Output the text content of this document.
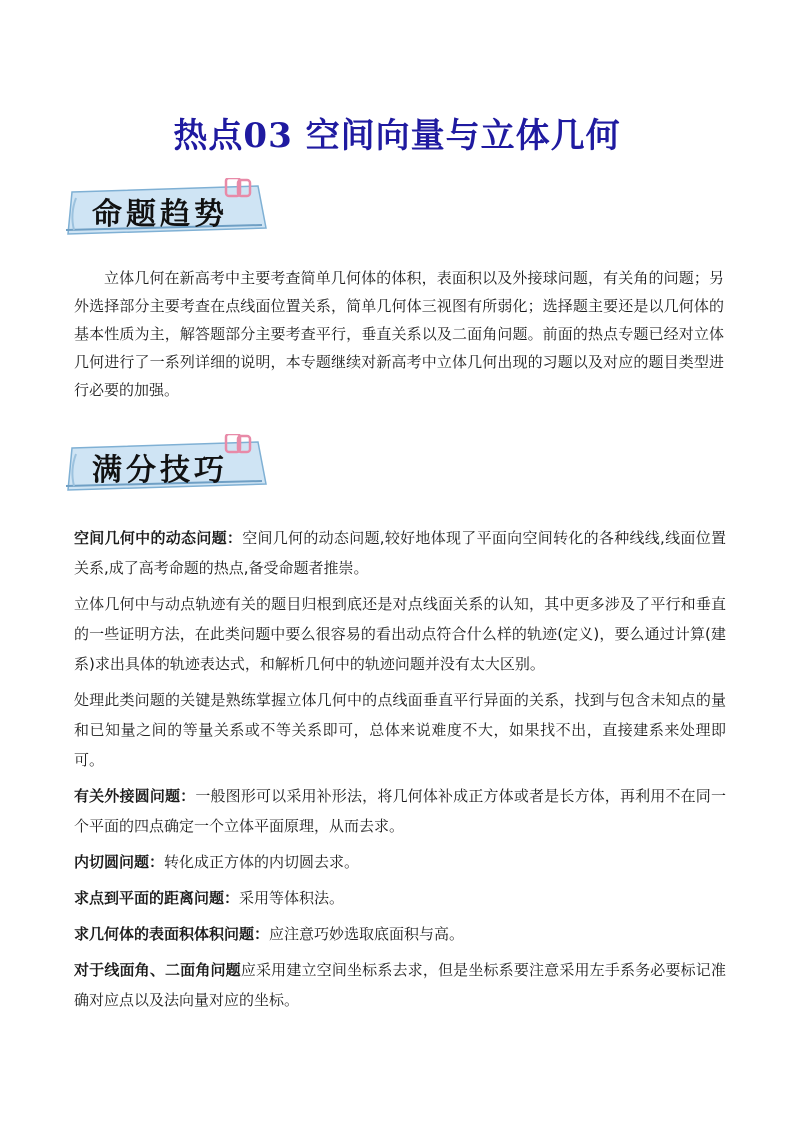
热点03 空间向量与立体几何
命题趋势
立体几何在新高考中主要考查简单几何体的体积，表面积以及外接球问题，有关角的问题；另外选择部分主要考查在点线面位置关系，简单几何体三视图有所弱化；选择题主要还是以几何体的基本性质为主，解答题部分主要考查平行，垂直关系以及二面角问题。前面的热点专题已经对立体几何进行了一系列详细的说明，本专题继续对新高考中立体几何出现的习题以及对应的题目类型进行必要的加强。
满分技巧

空间几何中的动态问题：空间几何的动态问题,较好地体现了平面向空间转化的各种线线,线面位置关系,成了高考命题的热点,备受命题者推崇。

立体几何中与动点轨迹有关的题目归根到底还是对点线面关系的认知，其中更多涉及了平行和垂直的一些证明方法，在此类问题中要么很容易的看出动点符合什么样的轨迹(定义)，要么通过计算(建系)求出具体的轨迹表达式，和解析几何中的轨迹问题并没有太大区别。

处理此类问题的关键是熟练掌握立体几何中的点线面垂直平行异面的关系，找到与包含未知点的量和已知量之间的等量关系或不等关系即可，总体来说难度不大，如果找不出，直接建系来处理即可。

有关外接圆问题：一般图形可以采用补形法，将几何体补成正方体或者是长方体，再利用不在同一个平面的四点确定一个立体平面原理，从而去求。

内切圆问题：转化成正方体的内切圆去求。

求点到平面的距离问题：采用等体积法。

求几何体的表面积体积问题：应注意巧妙选取底面积与高。

对于线面角、二面角问题应采用建立空间坐标系去求，但是坐标系要注意采用左手系务必要标记准确对应点以及法向量对应的坐标。
